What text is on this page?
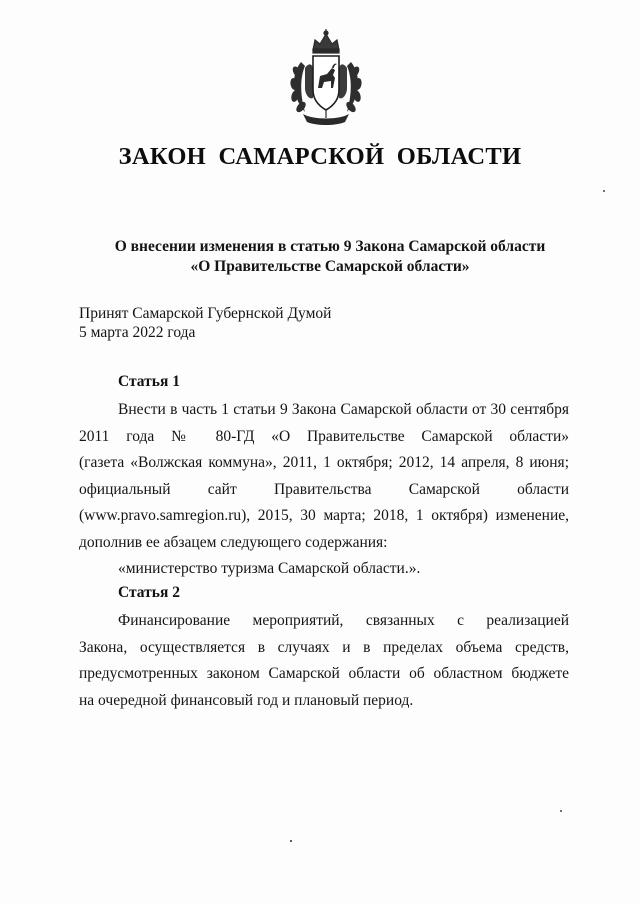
ЗАКОН САМАРСКОЙ ОБЛАСТИ
О внесении изменения в статью 9 Закона Самарской области
«О Правительстве Самарской области»
Принят Самарской Губернской Думой
5 марта 2022 года
Статья 1
Внести в часть 1 статьи 9 Закона Самарской области от 30 сентября
2011 года № 80-ГД «О Правительстве Самарской области»
(газета «Волжская коммуна», 2011, 1 октября; 2012, 14 апреля, 8 июня;
официальный сайт Правительства Самарской области
(www.pravo.samregion.ru), 2015, 30 марта; 2018, 1 октября) изменение,
дополнив ее абзацем следующего содержания:
«министерство туризма Самарской области.».
Статья 2
Финансирование мероприятий, связанных с реализацией
Закона, осуществляется в случаях и в пределах объема средств,
предусмотренных законом Самарской области об областном бюджете
на очередной финансовый год и плановый период.
